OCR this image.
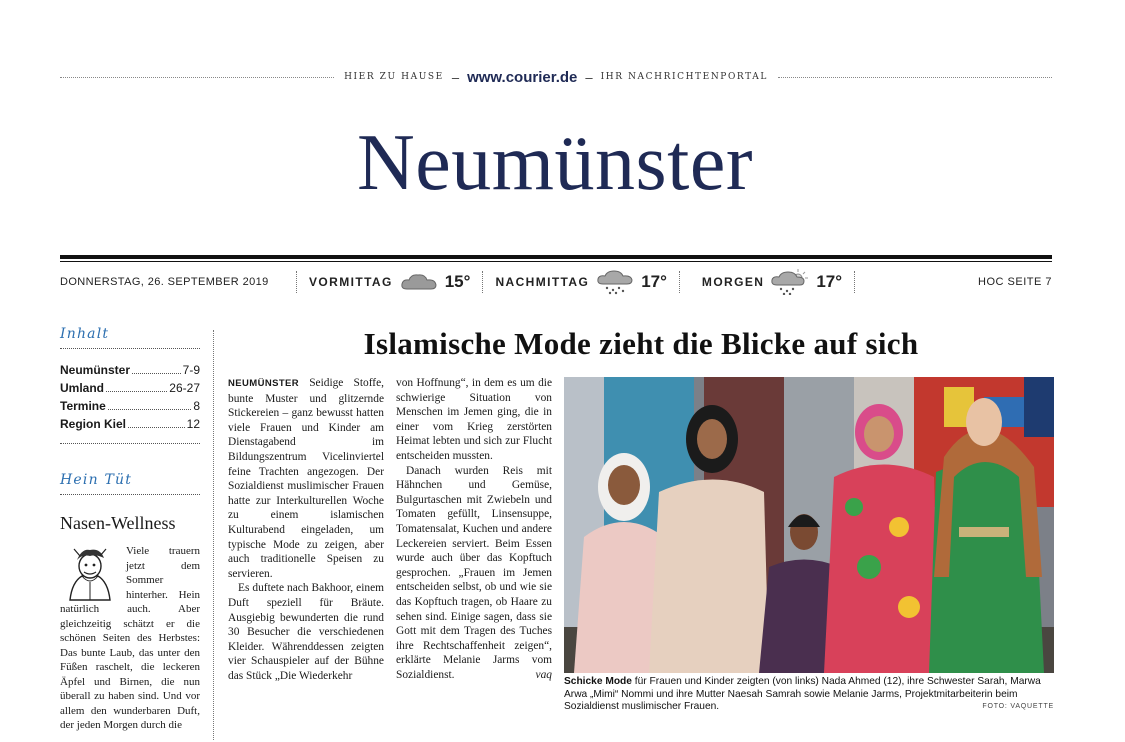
HIER ZU HAUSE – www.courier.de – IHR NACHRICHTENPORTAL
Neumünster
DONNERSTAG, 26. SEPTEMBER 2019	VORMITTAG	15° NACHMITTAG	17°	MORGEN	17°	HOC SEITE 7
Inhalt
Neumünster	7-9
Umland	26-27
Termine	8
Region Kiel	12
Hein Tüt
Nasen-Wellness
Viele trauern jetzt dem Sommer hinterher. Hein natürlich auch. Aber gleichzeitig schätzt er die schönen Seiten des Herbstes: Das bunte Laub, das unter den Füßen raschelt, die leckeren Äpfel und Birnen, die nun überall zu haben sind. Und vor allem den wunderbaren Duft, der jeden Morgen durch die
Islamische Mode zieht die Blicke auf sich

NEUMÜNSTER Seidige Stoffe, bunte Muster und glitzernde Stickereien – ganz bewusst hatten viele Frauen und Kinder am Dienstagabend im Bildungszentrum Vicelinviertel feine Trachten angezogen. Der Sozialdienst muslimischer Frauen hatte zur Interkulturellen Woche zu einem islamischen Kulturabend eingeladen, um typische Mode zu zeigen, aber auch traditionelle Speisen zu servieren.

Es duftete nach Bakhoor, einem Duft speziell für Bräute. Ausgiebig bewunderten die rund 30 Besucher die verschiedenen Kleider. Währenddessen zeigten vier Schauspieler auf der Bühne das Stück „Die Wiederkehr

von Hoffnung“, in dem es um die schwierige Situation von Menschen im Jemen ging, die in einer vom Krieg zerstörten Heimat lebten und sich zur Flucht entscheiden mussten.

Danach wurden Reis mit Hähnchen und Gemüse, Bulgurtaschen mit Zwiebeln und Tomaten gefüllt, Linsensuppe, Tomatensalat, Kuchen und andere Leckereien serviert. Beim Essen wurde auch über das Kopftuch gesprochen. „Frauen im Jemen entscheiden selbst, ob und wie sie das Kopftuch tragen, ob Haare zu sehen sind. Einige sagen, dass sie Gott mit dem Tragen des Tuches ihre Rechtschaffenheit zeigen“, erklärte Melanie Jarms vom Sozialdienst.	vaq
Schicke Mode für Frauen und Kinder zeigten (von links) Nada Ahmed (12), ihre Schwester Sarah, Marwa Arwa „Mimi“ Nommi und ihre Mutter Naesah Samrah sowie Melanie Jarms, Projektmitarbeiterin beim Sozialdienst muslimischer Frauen.	FOTO: VAQUETTE
